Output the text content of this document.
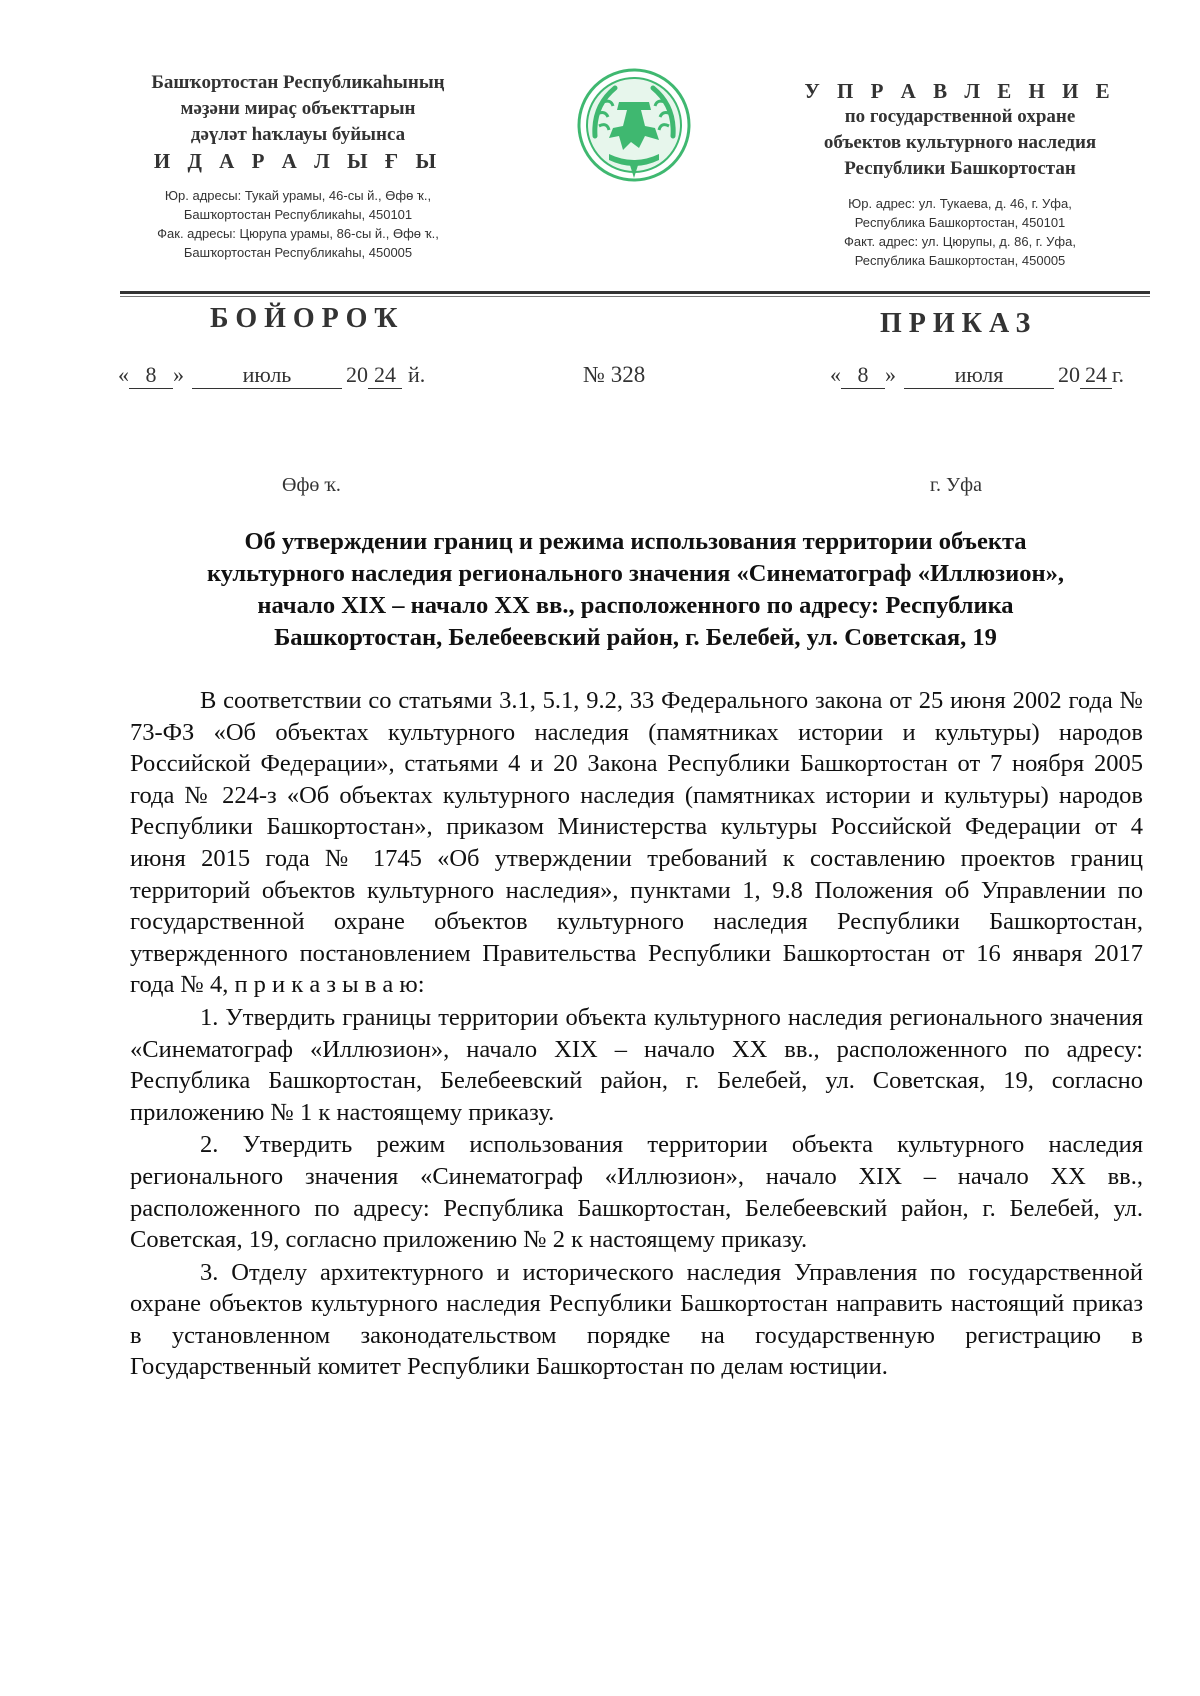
Башҡортостан Республикаһының
мәҙәни мираҫ объекттарын
дәүләт һаҡлауы буйынса
И Д А Р А Л Ы Ғ Ы
Юр. адресы: Тукай урамы, 46-сы й., Өфө ҡ.,
Башҡортостан Республикаһы, 450101
Фак. адресы: Цюрупа урамы, 86-сы й., Өфө ҡ.,
Башҡортостан Республикаһы, 450005
У П Р А В Л Е Н И Е
по государственной охране
объектов культурного наследия
Республики Башкортостан
Юр. адрес: ул. Тукаева, д. 46, г. Уфа,
Республика Башкортостан, 450101
Факт. адрес: ул. Цюрупы, д. 86, г. Уфа,
Республика Башкортостан, 450005
БОЙОРОҠ	ПРИКАЗ
« 8 »	июль	20 24 й.	№ 328	« 8 »	июля	20 24 г.
Өфө ҡ.	г. Уфа
Об утверждении границ и режима использования территории объекта
культурного наследия регионального значения «Синематограф «Иллюзион»,
начало XIX – начало XX вв., расположенного по адресу: Республика
Башкортостан, Белебеевский район, г. Белебей, ул. Советская, 19

В соответствии со статьями 3.1, 5.1, 9.2, 33 Федерального закона от 25 июня 2002 года № 73-ФЗ «Об объектах культурного наследия (памятниках истории и культуры) народов Российской Федерации», статьями 4 и 20 Закона Республики Башкортостан от 7 ноября 2005 года № 224-з «Об объектах культурного наследия (памятниках истории и культуры) народов Республики Башкортостан», приказом Министерства культуры Российской Федерации от 4 июня 2015 года № 1745 «Об утверждении требований к составлению проектов границ территорий объектов культурного наследия», пунктами 1, 9.8 Положения об Управлении по государственной охране объектов культурного наследия Республики Башкортостан, утвержденного постановлением Правительства Республики Башкортостан от 16 января 2017 года № 4, п р и к а з ы в а ю:

1. Утвердить границы территории объекта культурного наследия регионального значения «Синематограф «Иллюзион», начало XIX – начало XX вв., расположенного по адресу: Республика Башкортостан, Белебеевский район, г. Белебей, ул. Советская, 19, согласно приложению № 1 к настоящему приказу.

2. Утвердить режим использования территории объекта культурного наследия регионального значения «Синематограф «Иллюзион», начало XIX – начало XX вв., расположенного по адресу: Республика Башкортостан, Белебеевский район, г. Белебей, ул. Советская, 19, согласно приложению № 2 к настоящему приказу.

3. Отделу архитектурного и исторического наследия Управления по государственной охране объектов культурного наследия Республики Башкортостан направить настоящий приказ в установленном законодательством порядке на государственную регистрацию в Государственный комитет Республики Башкортостан по делам юстиции.
